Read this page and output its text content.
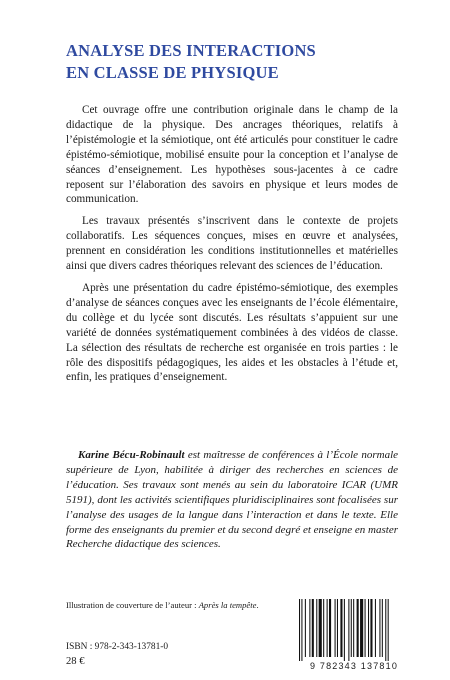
ANALYSE DES INTERACTIONS
EN CLASSE DE PHYSIQUE

Cet ouvrage offre une contribution originale dans le champ de la didactique de la physique. Des ancrages théoriques, relatifs à l’épistémologie et la sémiotique, ont été articulés pour constituer le cadre épistémo-sémiotique, mobilisé ensuite pour la conception et l’analyse de séances d’enseignement. Les hypothèses sous-jacentes à ce cadre reposent sur l’élaboration des savoirs en physique et leurs modes de communication.

Les travaux présentés s’inscrivent dans le contexte de projets collaboratifs. Les séquences conçues, mises en œuvre et analysées, prennent en considération les conditions institutionnelles et matérielles ainsi que divers cadres théoriques relevant des sciences de l’éducation.

Après une présentation du cadre épistémo-sémiotique, des exemples d’analyse de séances conçues avec les enseignants de l’école élémentaire, du collège et du lycée sont discutés. Les résultats s’appuient sur une variété de données systématiquement combinées à des vidéos de classe. La sélection des résultats de recherche est organisée en trois parties : le rôle des dispositifs pédagogiques, les aides et les obstacles à l’étude et, enfin, les pratiques d’enseignement.

Karine Bécu-Robinault est maîtresse de conférences à l’École normale supérieure de Lyon, habilitée à diriger des recherches en sciences de l’éducation. Ses travaux sont menés au sein du laboratoire ICAR (UMR 5191), dont les activités scientifiques pluridisciplinaires sont focalisées sur l’analyse des usages de la langue dans l’interaction et dans le texte. Elle forme des enseignants du premier et du second degré et enseigne en master Recherche didactique des sciences.

Illustration de couverture de l’auteur : Après la tempête.

ISBN : 978-2-343-13781-0

28 €	9 782343 137810
